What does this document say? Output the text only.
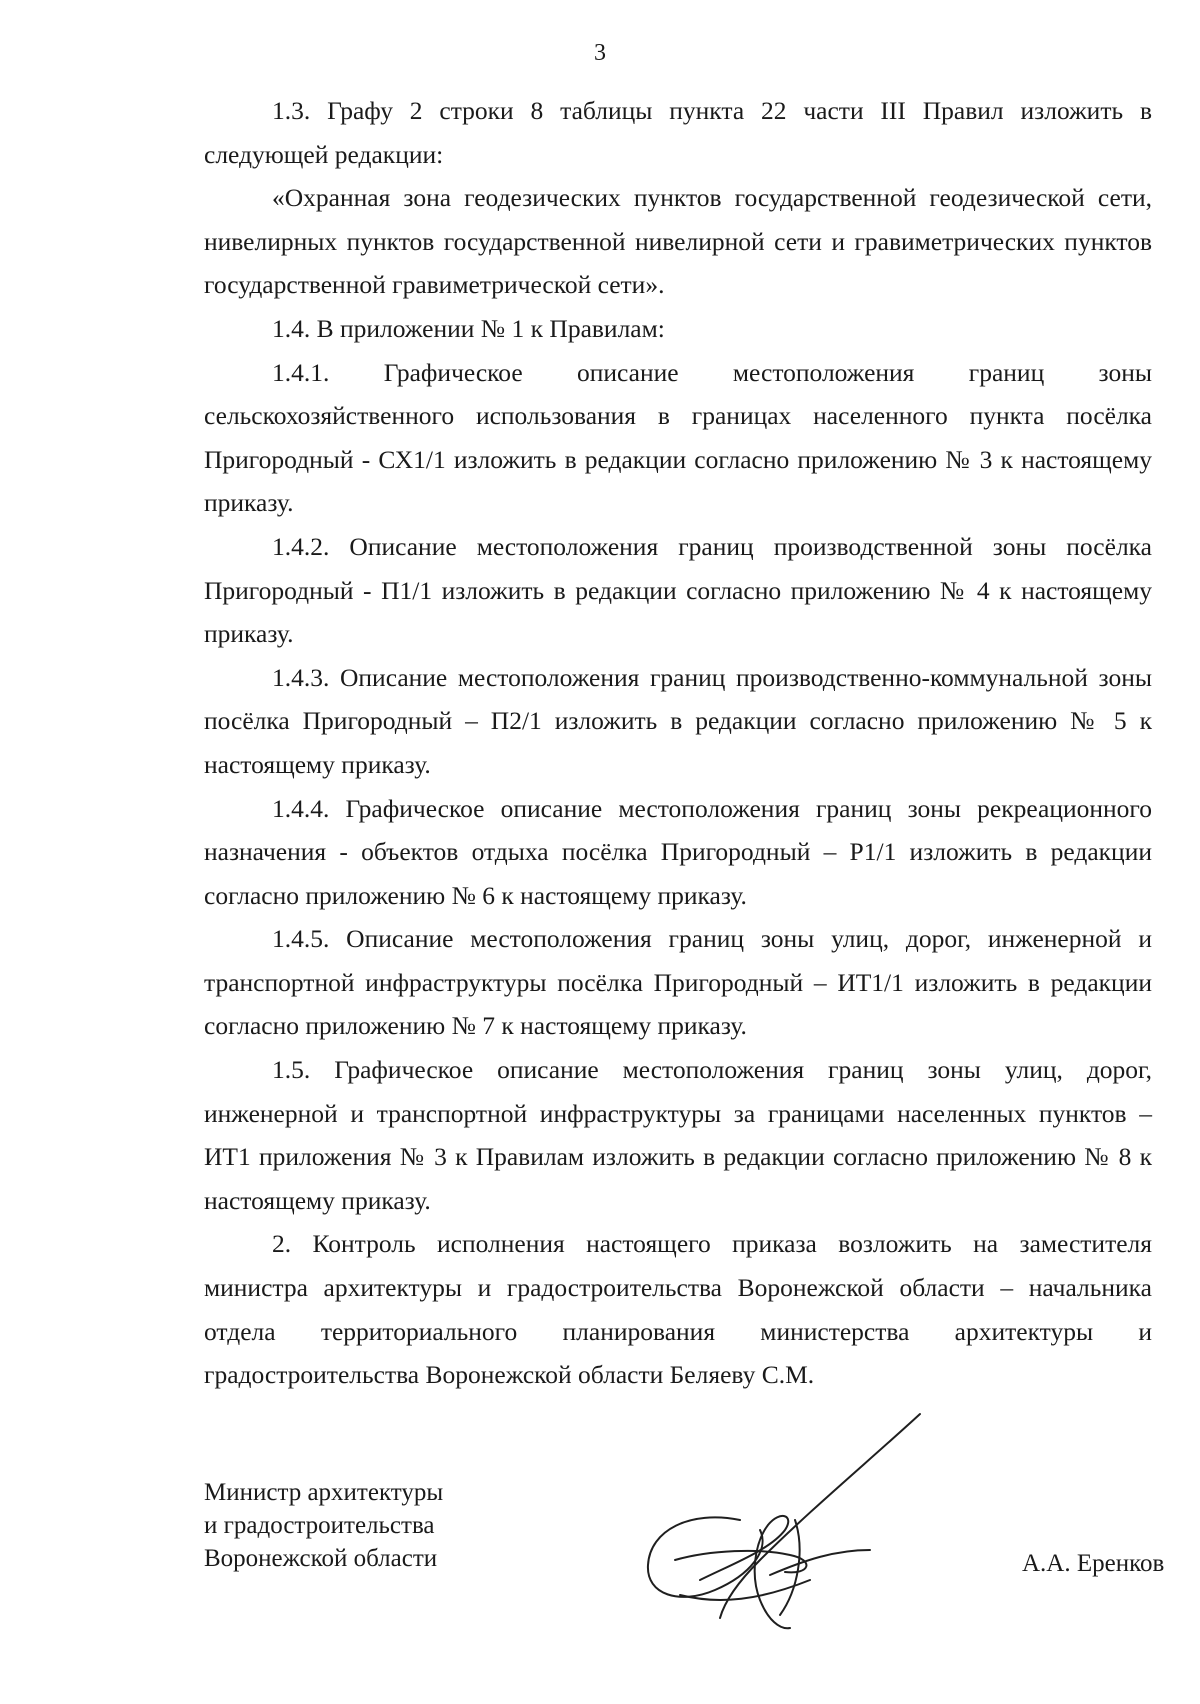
3

1.3. Графу 2 строки 8 таблицы пункта 22 части III Правил изложить в следующей редакции:

«Охранная зона геодезических пунктов государственной геодезической сети, нивелирных пунктов государственной нивелирной сети и гравиметрических пунктов государственной гравиметрической сети».

1.4. В приложении № 1 к Правилам:

1.4.1. Графическое описание местоположения границ зоны сельскохозяйственного использования в границах населенного пункта посёлка Пригородный - СХ1/1 изложить в редакции согласно приложению № 3 к настоящему приказу.

1.4.2. Описание местоположения границ производственной зоны посёлка Пригородный - П1/1 изложить в редакции согласно приложению № 4 к настоящему приказу.

1.4.3. Описание местоположения границ производственно-коммунальной зоны посёлка Пригородный – П2/1 изложить в редакции согласно приложению № 5 к настоящему приказу.

1.4.4. Графическое описание местоположения границ зоны рекреационного назначения - объектов отдыха посёлка Пригородный – Р1/1 изложить в редакции согласно приложению № 6 к настоящему приказу.

1.4.5. Описание местоположения границ зоны улиц, дорог, инженерной и транспортной инфраструктуры посёлка Пригородный – ИТ1/1 изложить в редакции согласно приложению № 7 к настоящему приказу.

1.5. Графическое описание местоположения границ зоны улиц, дорог, инженерной и транспортной инфраструктуры за границами населенных пунктов – ИТ1 приложения № 3 к Правилам изложить в редакции согласно приложению № 8 к настоящему приказу.

2. Контроль исполнения настоящего приказа возложить на заместителя министра архитектуры и градостроительства Воронежской области – начальника отдела территориального планирования министерства архитектуры и градостроительства Воронежской области Беляеву С.М.

Министр архитектуры
и градостроительства
Воронежской области	А.А. Еренков
